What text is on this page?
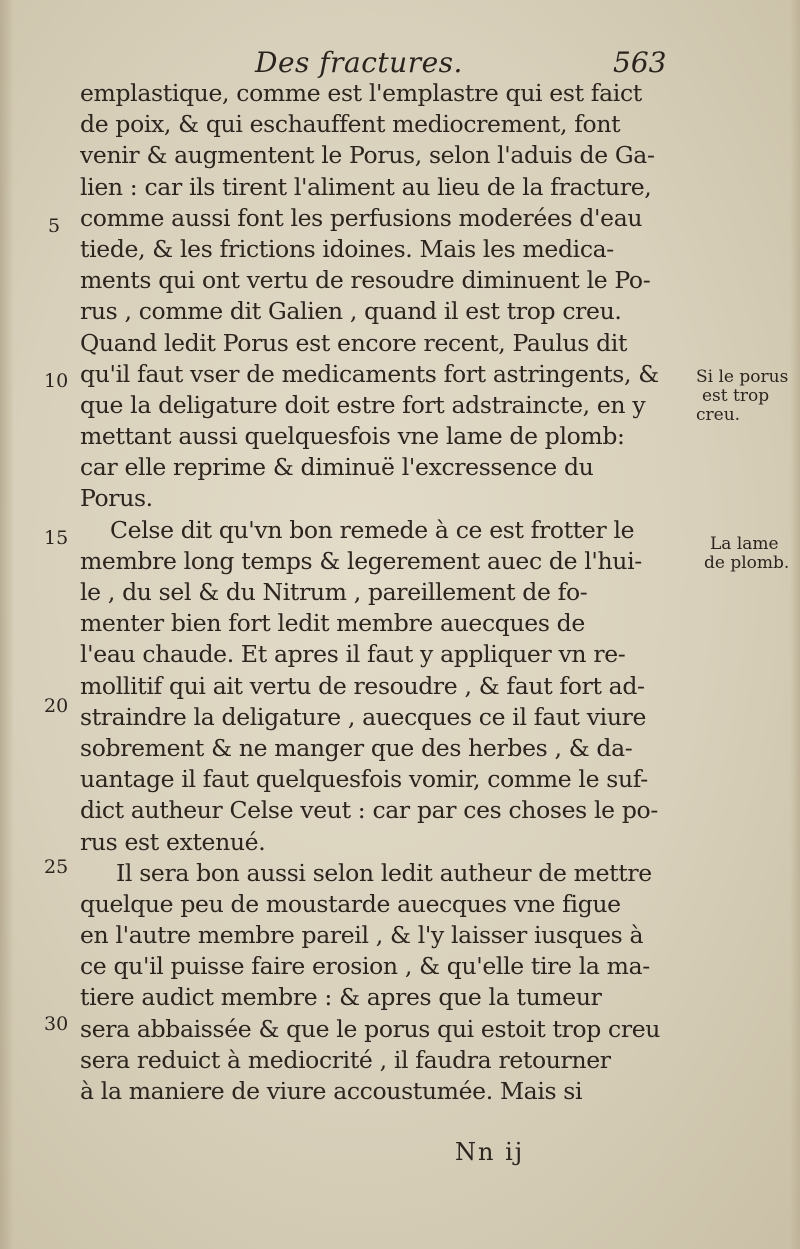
Des fractures.	563
emplastique, comme est l'emplastre qui est faict
de poix, & qui eschauffent mediocrement, font
venir & augmentent le Porus, selon l'aduis de Ga-
lien : car ils tirent l'aliment au lieu de la fracture,
comme aussi font les perfusions moderées d'eau
tiede, & les frictions idoines. Mais les medica-
ments qui ont vertu de resoudre diminuent le Po-
rus , comme dit Galien , quand il est trop creu.
Quand ledit Porus est encore recent, Paulus dit
qu'il faut vser de medicaments fort astringents, &
que la deligature doit estre fort adstraincte, en y
mettant aussi quelquesfois vne lame de plomb:
car elle reprime & diminuë l'excressence du
Porus.
Celse dit qu'vn bon remede à ce est frotter le
membre long temps & legerement auec de l'hui-
le , du sel & du Nitrum , pareillement de fo-
menter bien fort ledit membre auecques de
l'eau chaude. Et apres il faut y appliquer vn re-
mollitif qui ait vertu de resoudre , & faut fort ad-
straindre la deligature , auecques ce il faut viure
sobrement & ne manger que des herbes , & da-
uantage il faut quelquesfois vomir, comme le suf-
dict autheur Celse veut : car par ces choses le po-
rus est extenué.
Il sera bon aussi selon ledit autheur de mettre
quelque peu de moustarde auecques vne figue
en l'autre membre pareil , & l'y laisser iusques à
ce qu'il puisse faire erosion , & qu'elle tire la ma-
tiere audict membre : & apres que la tumeur
sera abbaissée & que le porus qui estoit trop creu
sera reduict à mediocrité , il faudra retourner
à la maniere de viure accoustumée. Mais si
5
10
15
20
25
30
Si le porus
est trop
creu.
La lame
de plomb.
Nn ij
